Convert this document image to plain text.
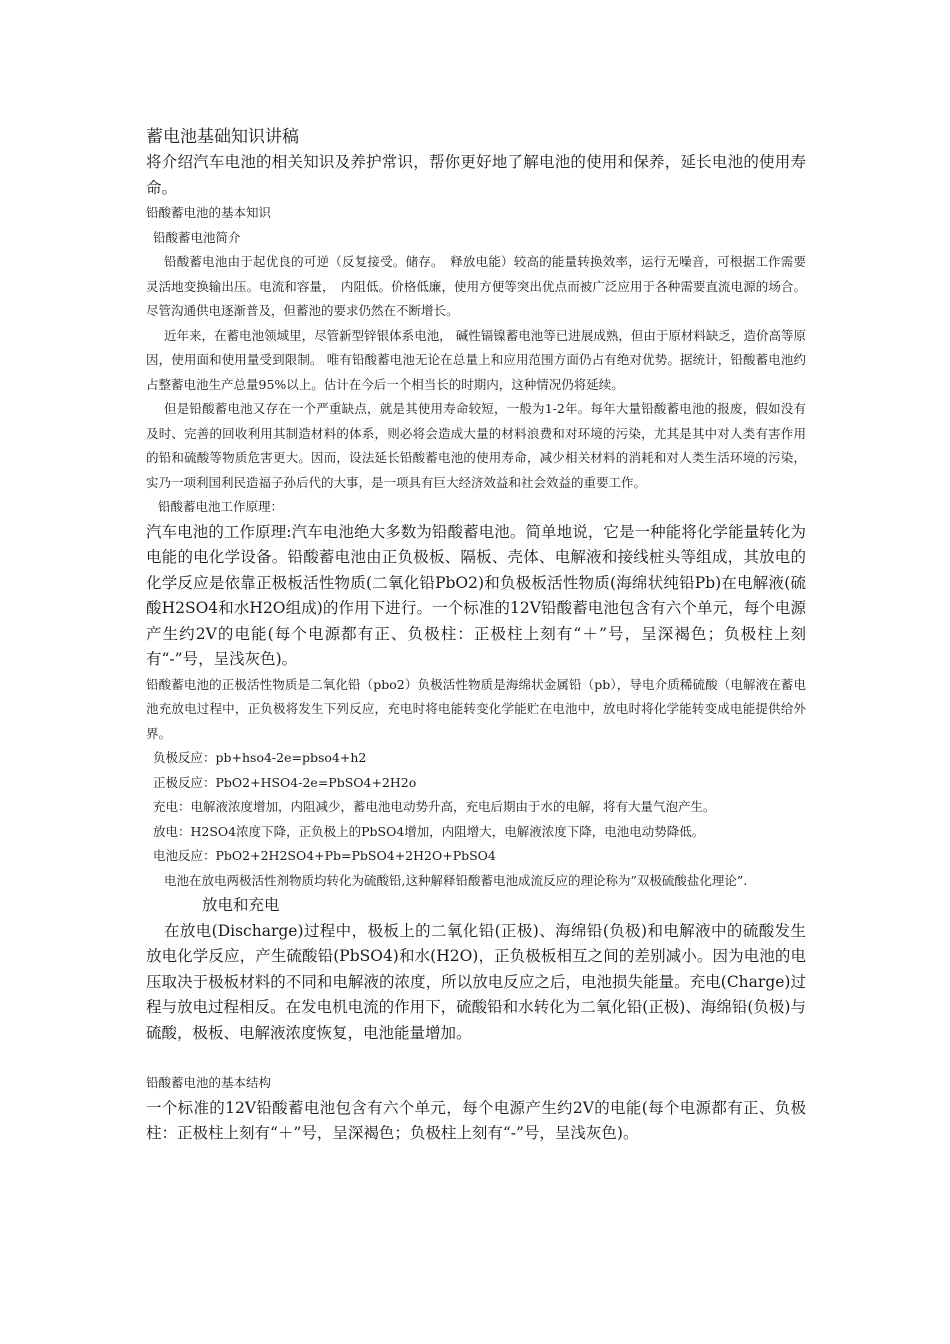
蓄电池基础知识讲稿

将介绍汽车电池的相关知识及养护常识，帮你更好地了解电池的使用和保养，延长电池的使用寿命。

铅酸蓄电池的基本知识

铅酸蓄电池简介

铅酸蓄电池由于起优良的可逆（反复接受。储存。　释放电能）较高的能量转换效率，运行无噪音，可根据工作需要灵活地变换输出压。电流和容量，　内阻低。价格低廉，使用方便等突出优点而被广泛应用于各种需要直流电源的场合。尽管沟通供电逐渐普及，但蓄池的要求仍然在不断增长。

近年来，在蓄电池领域里，尽管新型锌银体系电池， 碱性镉镍蓄电池等已进展成熟，但由于原材料缺乏，造价高等原因，使用面和使用量受到限制。 唯有铅酸蓄电池无论在总量上和应用范围方面仍占有绝对优势。据统计，铅酸蓄电池约占整蓄电池生产总量95%以上。估计在今后一个相当长的时期内，这种情况仍将延续。

但是铅酸蓄电池又存在一个严重缺点，就是其使用寿命较短，一般为1-2年。每年大量铅酸蓄电池的报废，假如没有及时、完善的回收利用其制造材料的体系，则必将会造成大量的材料浪费和对环境的污染，尤其是其中对人类有害作用的铅和硫酸等物质危害更大。因而，设法延长铅酸蓄电池的使用寿命，减少相关材料的消耗和对人类生活环境的污染，实乃一项利国利民造福子孙后代的大事，是一项具有巨大经济效益和社会效益的重要工作。

铅酸蓄电池工作原理：

汽车电池的工作原理:汽车电池绝大多数为铅酸蓄电池。简单地说，它是一种能将化学能量转化为电能的电化学设备。铅酸蓄电池由正负极板、隔板、壳体、电解液和接线桩头等组成，其放电的化学反应是依靠正极板活性物质(二氧化铅PbO2)和负极板活性物质(海绵状纯铅Pb)在电解液(硫酸H2SO4和水H2O组成)的作用下进行。一个标准的12V铅酸蓄电池包含有六个单元，每个电源产生约2V的电能(每个电源都有正、负极柱：正极柱上刻有“＋”号，呈深褐色；负极柱上刻有“-”号，呈浅灰色)。

铅酸蓄电池的正极活性物质是二氧化铅（pbo2）负极活性物质是海绵状金属铅（pb），导电介质稀硫酸（电解液在蓄电池充放电过程中，正负极将发生下列反应，充电时将电能转变化学能贮在电池中，放电时将化学能转变成电能提供给外界。

负极反应：pb+hso4-2e=pbso4+h2

正极反应：PbO2+HSO4-2e=PbSO4+2H2o

充电：电解液浓度增加，内阻减少，蓄电池电动势升高，充电后期由于水的电解，将有大量气泡产生。

放电：H2SO4浓度下降，正负极上的PbSO4增加，内阻增大，电解液浓度下降，电池电动势降低。

电池反应：PbO2+2H2SO4+Pb=PbSO4+2H2O+PbSO4

电池在放电两极活性剂物质均转化为硫酸铅,这种解释铅酸蓄电池成流反应的理论称为”双极硫酸盐化理论”.

放电和充电

在放电(Discharge)过程中，极板上的二氧化铅(正极)、海绵铅(负极)和电解液中的硫酸发生放电化学反应，产生硫酸铅(PbSO4)和水(H2O)，正负极板相互之间的差别减小。因为电池的电压取决于极板材料的不同和电解液的浓度，所以放电反应之后，电池损失能量。充电(Charge)过程与放电过程相反。在发电机电流的作用下，硫酸铅和水转化为二氧化铅(正极)、海绵铅(负极)与硫酸，极板、电解液浓度恢复，电池能量增加。

铅酸蓄电池的基本结构

一个标准的12V铅酸蓄电池包含有六个单元，每个电源产生约2V的电能(每个电源都有正、负极柱：正极柱上刻有“＋”号，呈深褐色；负极柱上刻有“-”号，呈浅灰色)。
